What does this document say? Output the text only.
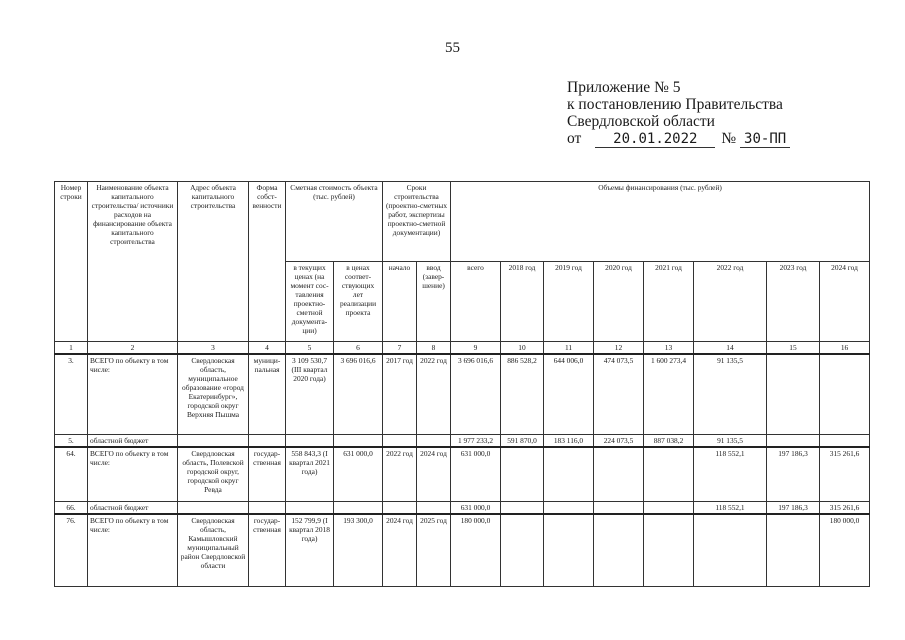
55
Приложение № 5
к постановлению Правительства
Свердловской области
от	20.01.2022	№ 30-ПП
Номер строки	Наименование объекта капитального строительства/ источники расходов на финансирование объекта капитального строительства	Адрес объекта капитального строительства	Форма собст-венности	Сметная стоимость объекта (тыс. рублей)		Сроки строительства (проектно-сметных работ, экспертизы проектно-сметной документации)		Объемы финансирования (тыс. рублей)							
				в текущих ценах (на момент сос-тавления проектно-сметной документа-ции)	в ценах соответ-ствующих лет реализации проекта	начало	ввод (завер-шение)	всего	2018 год	2019 год	2020 год	2021 год	2022 год	2023 год	2024 год
1	2	3	4	5	6	7	8	9	10	11	12	13	14	15	16
3.	ВСЕГО по объекту в том числе:	Свердловская область, муниципальное образование «город Екатеринбург», городской округ Верхняя Пышма	муници-пальная	3 109 530,7 (III квартал 2020 года)	3 696 016,6	2017 год	2022 год	3 696 016,6	886 528,2	644 006,0	474 073,5	1 600 273,4	91 135,5		
5.	областной бюджет							1 977 233,2	591 870,0	183 116,0	224 073,5	887 038,2	91 135,5		
64.	ВСЕГО по объекту в том числе:	Свердловская область, Полевской городской округ, городской округ Ревда	государ-ственная	558 843,3 (I квартал 2021 года)	631 000,0	2022 год	2024 год	631 000,0					118 552,1	197 186,3	315 261,6
66.	областной бюджет							631 000,0					118 552,1	197 186,3	315 261,6
76.	ВСЕГО по объекту в том числе:	Свердловская область, Камышловский муниципальный район Свердловской области	государ-ственная	152 799,9 (I квартал 2018 года)	193 300,0	2024 год	2025 год	180 000,0							180 000,0
